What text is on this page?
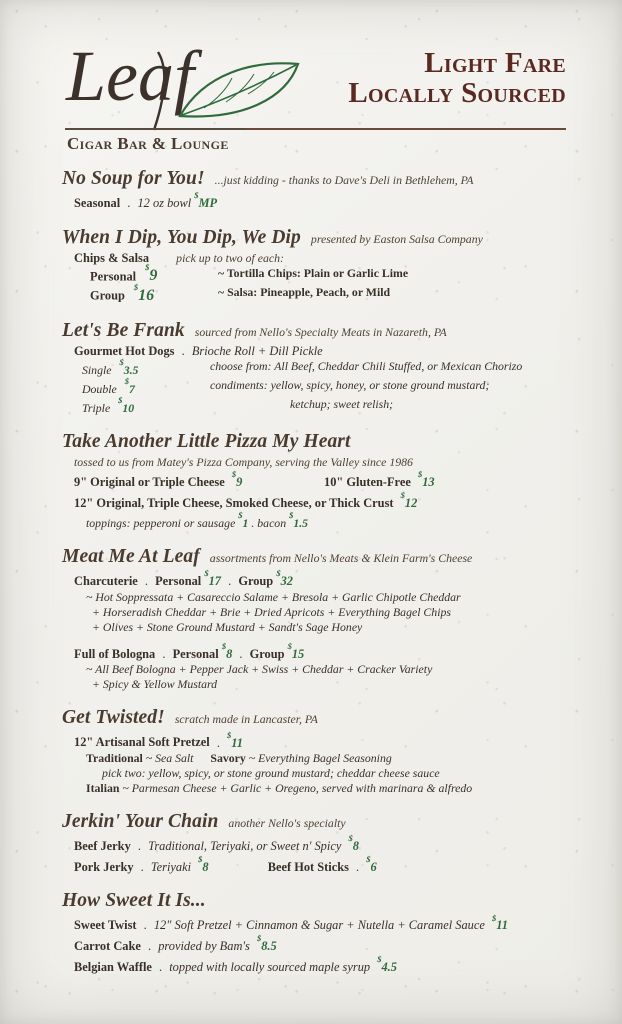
Leaf
Cigar Bar & Lounge
Light Fare
Locally Sourced
No Soup for You! ...just kidding - thanks to Dave's Deli in Bethlehem, PA
Seasonal . 12 oz bowl $MP
When I Dip, You Dip, We Dip presented by Easton Salsa Company
Chips & Salsa pick up to two of each:
Personal $9	~ Tortilla Chips: Plain or Garlic Lime
Group $16	~ Salsa: Pineapple, Peach, or Mild
Let's Be Frank sourced from Nello's Specialty Meats in Nazareth, PA
Gourmet Hot Dogs . Brioche Roll + Dill Pickle
Single $3.5	choose from: All Beef, Cheddar Chili Stuffed, or Mexican Chorizo
Double $7	condiments: yellow, spicy, honey, or stone ground mustard;
Triple $10	ketchup; sweet relish;
Take Another Little Pizza My Heart
tossed to us from Matey's Pizza Company, serving the Valley since 1986
9" Original or Triple Cheese $9	10" Gluten-Free $13
12" Original, Triple Cheese, Smoked Cheese, or Thick Crust $12
toppings: pepperoni or sausage $1 . bacon $1.5
Meat Me At Leaf assortments from Nello's Meats & Klein Farm's Cheese
Charcuterie . Personal $17 . Group $32
~ Hot Soppressata + Casareccio Salame + Bresola + Garlic Chipotle Cheddar
+ Horseradish Cheddar + Brie + Dried Apricots + Everything Bagel Chips
+ Olives + Stone Ground Mustard + Sandt's Sage Honey
Full of Bologna . Personal $8 . Group $15
~ All Beef Bologna + Pepper Jack + Swiss + Cheddar + Cracker Variety
+ Spicy & Yellow Mustard
Get Twisted! scratch made in Lancaster, PA
12" Artisanal Soft Pretzel . $11
Traditional ~ Sea Salt Savory ~ Everything Bagel Seasoning
pick two: yellow, spicy, or stone ground mustard; cheddar cheese sauce
Italian ~ Parmesan Cheese + Garlic + Oregeno, served with marinara & alfredo
Jerkin' Your Chain another Nello's specialty
Beef Jerky . Traditional, Teriyaki, or Sweet n' Spicy $8
Pork Jerky . Teriyaki $8	Beef Hot Sticks . $6
How Sweet It Is...
Sweet Twist . 12" Soft Pretzel + Cinnamon & Sugar + Nutella + Caramel Sauce $11
Carrot Cake . provided by Bam's $8.5
Belgian Waffle . topped with locally sourced maple syrup $4.5
